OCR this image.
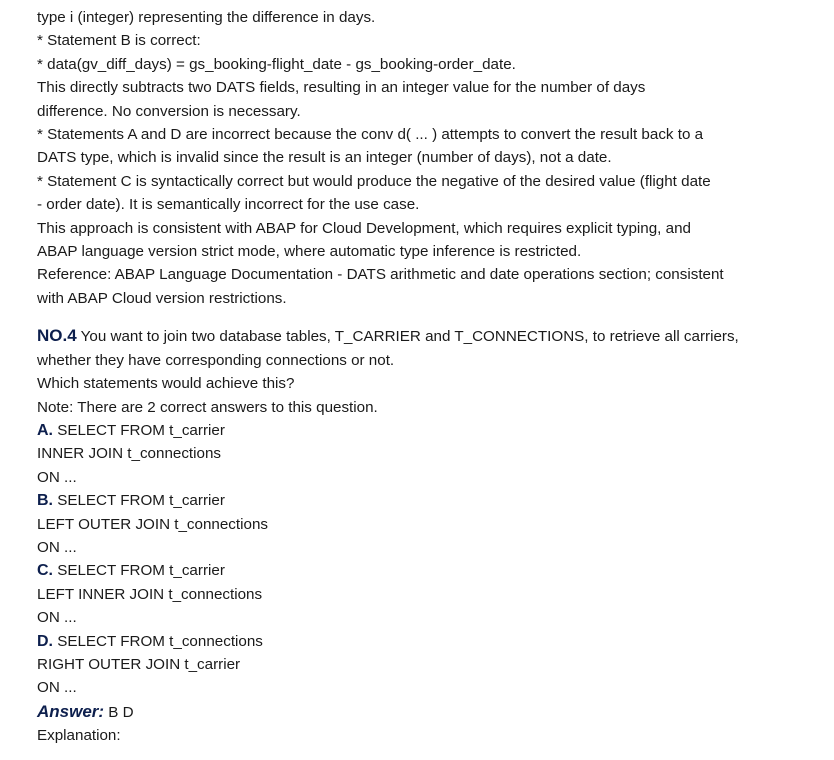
type i (integer) representing the difference in days.
* Statement B is correct:
* data(gv_diff_days) = gs_booking-flight_date - gs_booking-order_date.
This directly subtracts two DATS fields, resulting in an integer value for the number of days
difference. No conversion is necessary.
* Statements A and D are incorrect because the conv d( ... ) attempts to convert the result back to a
DATS type, which is invalid since the result is an integer (number of days), not a date.
* Statement C is syntactically correct but would produce the negative of the desired value (flight date
- order date). It is semantically incorrect for the use case.
This approach is consistent with ABAP for Cloud Development, which requires explicit typing, and
ABAP language version strict mode, where automatic type inference is restricted.
Reference: ABAP Language Documentation - DATS arithmetic and date operations section; consistent
with ABAP Cloud version restrictions.
NO.4 You want to join two database tables, T_CARRIER and T_CONNECTIONS, to retrieve all carriers,
whether they have corresponding connections or not.
Which statements would achieve this?
Note: There are 2 correct answers to this question.
A. SELECT FROM t_carrier
INNER JOIN t_connections
ON ...
B. SELECT FROM t_carrier
LEFT OUTER JOIN t_connections
ON ...
C. SELECT FROM t_carrier
LEFT INNER JOIN t_connections
ON ...
D. SELECT FROM t_connections
RIGHT OUTER JOIN t_carrier
ON ...
Answer: B D
Explanation:
